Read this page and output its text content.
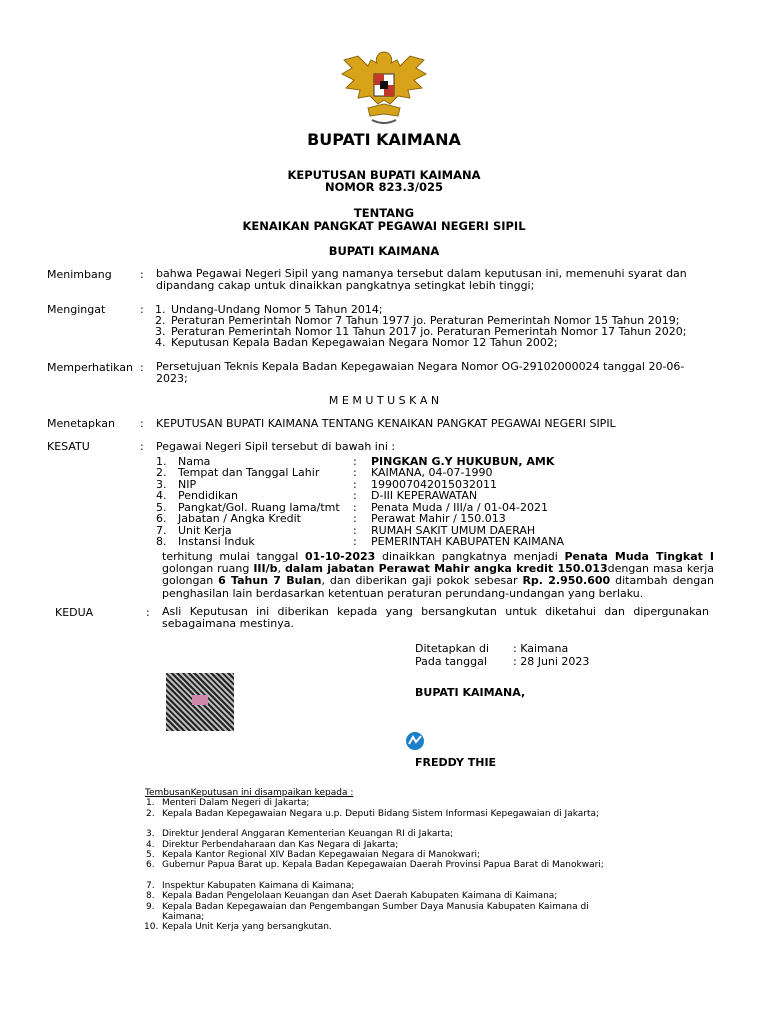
BUPATI KAIMANA
KEPUTUSAN BUPATI KAIMANA
NOMOR 823.3/025
TENTANG
KENAIKAN PANGKAT PEGAWAI NEGERI SIPIL
BUPATI KAIMANA
Menimbang	: bahwa Pegawai Negeri Sipil yang namanya tersebut dalam keputusan ini, memenuhi syarat dan dipandang cakap untuk dinaikkan pangkatnya setingkat lebih tinggi;
Mengingat	: 1. Undang-Undang Nomor 5 Tahun 2014;
2. Peraturan Pemerintah Nomor 7 Tahun 1977 jo. Peraturan Pemerintah Nomor 15 Tahun 2019;
3. Peraturan Pemerintah Nomor 11 Tahun 2017 jo. Peraturan Pemerintah Nomor 17 Tahun 2020;
4. Keputusan Kepala Badan Kepegawaian Negara Nomor 12 Tahun 2002;
Memperhatikan : Persetujuan Teknis Kepala Badan Kepegawaian Negara Nomor OG-29102000024 tanggal 20-06-2023;
M E M U T U S K A N
Menetapkan : KEPUTUSAN BUPATI KAIMANA TENTANG KENAIKAN PANGKAT PEGAWAI NEGERI SIPIL
KESATU	: Pegawai Negeri Sipil tersebut di bawah ini :
1. Nama	: PINGKAN G.Y HUKUBUN, AMK
2. Tempat dan Tanggal Lahir	: KAIMANA, 04-07-1990
3. NIP	: 199007042015032011
4. Pendidikan	: D-III KEPERAWATAN
5. Pangkat/Gol. Ruang lama/tmt : Penata Muda / III/a / 01-04-2021
6. Jabatan / Angka Kredit	: Perawat Mahir / 150.013
7. Unit Kerja	: RUMAH SAKIT UMUM DAERAH
8. Instansi Induk	: PEMERINTAH KABUPATEN KAIMANA
terhitung mulai tanggal 01-10-2023 dinaikkan pangkatnya menjadi Penata Muda Tingkat I golongan ruang III/b, dalam jabatan Perawat Mahir angka kredit 150.013dengan masa kerja golongan 6 Tahun 7 Bulan, dan diberikan gaji pokok sebesar Rp. 2.950.600 ditambah dengan penghasilan lain berdasarkan ketentuan peraturan perundang-undangan yang berlaku.
KEDUA	: Asli Keputusan ini diberikan kepada yang bersangkutan untuk diketahui dan dipergunakan sebagaimana mestinya.
Ditetapkan di : Kaimana
Pada tanggal : 28 Juni 2023
BUPATI KAIMANA,
FREDDY THIE
TembusanKeputusan ini disampaikan kepada :
1. Menteri Dalam Negeri di Jakarta;
2. Kepala Badan Kepegawaian Negara u.p. Deputi Bidang Sistem Informasi Kepegawaian di Jakarta;
3. Direktur Jenderal Anggaran Kementerian Keuangan RI di Jakarta;
4. Direktur Perbendaharaan dan Kas Negara di Jakarta;
5. Kepala Kantor Regional XIV Badan Kepegawaian Negara di Manokwari;
6. Gubernur Papua Barat up. Kepala Badan Kepegawaian Daerah Provinsi Papua Barat di Manokwari;
7. Inspektur Kabupaten Kaimana di Kaimana;
8. Kepala Badan Pengelolaan Keuangan dan Aset Daerah Kabupaten Kaimana di Kaimana;
9. Kepala Badan Kepegawaian dan Pengembangan Sumber Daya Manusia Kabupaten Kaimana di Kaimana;
10. Kepala Unit Kerja yang bersangkutan.
